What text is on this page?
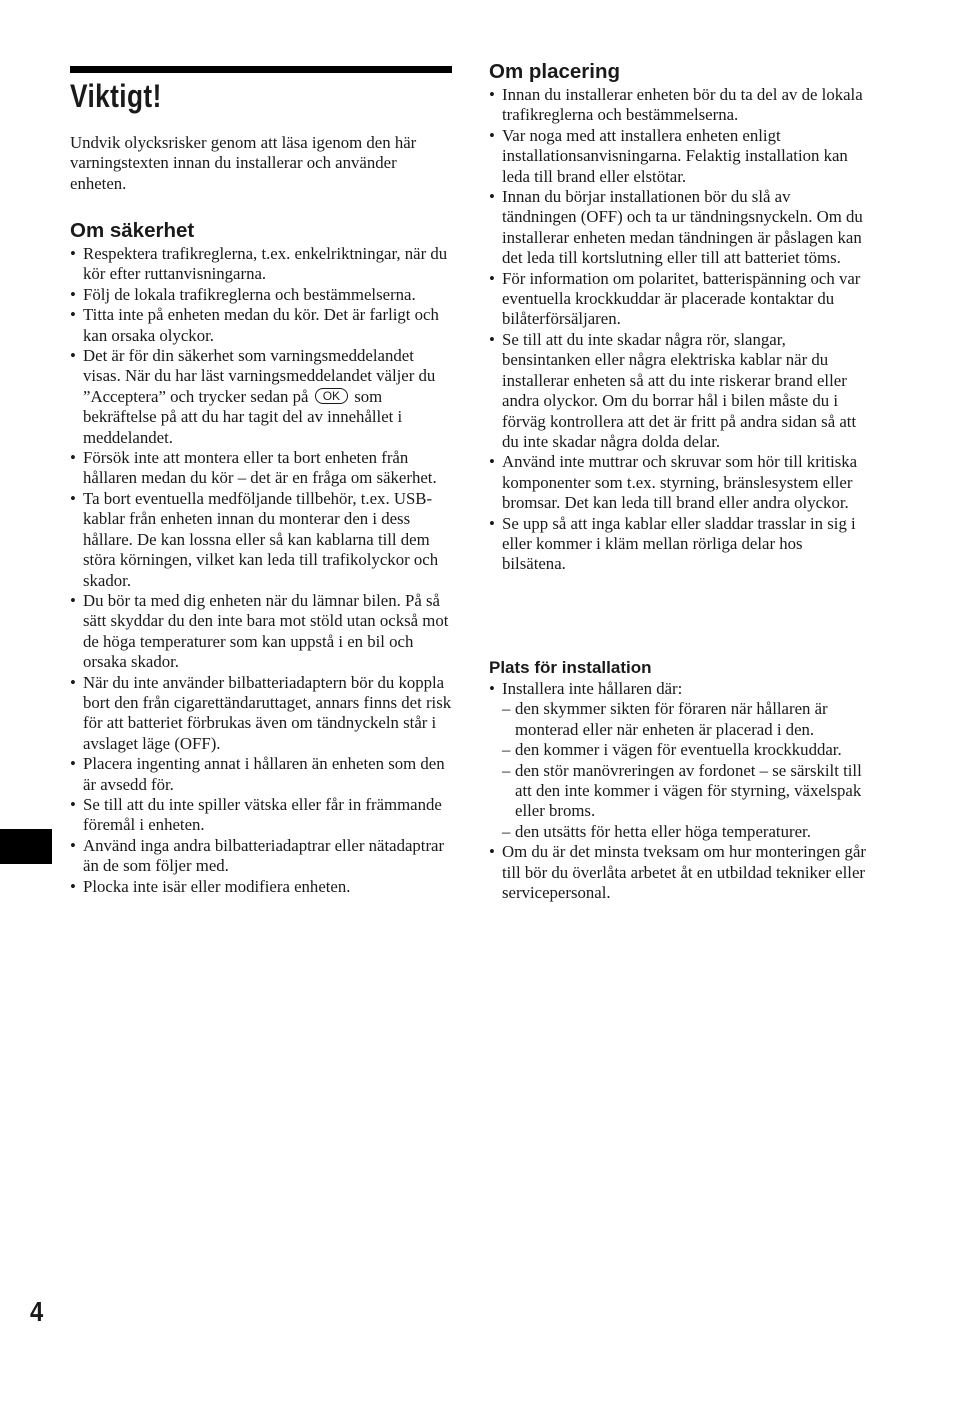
Viktigt!

Undvik olycksrisker genom att läsa igenom den här varningstexten innan du installerar och använder enheten.

Om säkerhet
• Respektera trafikreglerna, t.ex. enkelriktningar, när du kör efter ruttanvisningarna.
• Följ de lokala trafikreglerna och bestämmelserna.
• Titta inte på enheten medan du kör. Det är farligt och kan orsaka olyckor.
• Det är för din säkerhet som varningsmeddelandet visas. När du har läst varningsmeddelandet väljer du ”Acceptera” och trycker sedan på OK som bekräftelse på att du har tagit del av innehållet i meddelandet.
• Försök inte att montera eller ta bort enheten från hållaren medan du kör – det är en fråga om säkerhet.
• Ta bort eventuella medföljande tillbehör, t.ex. USB-kablar från enheten innan du monterar den i dess hållare. De kan lossna eller så kan kablarna till dem störa körningen, vilket kan leda till trafikolyckor och skador.
• Du bör ta med dig enheten när du lämnar bilen. På så sätt skyddar du den inte bara mot stöld utan också mot de höga temperaturer som kan uppstå i en bil och orsaka skador.
• När du inte använder bilbatteriadaptern bör du koppla bort den från cigarettändaruttaget, annars finns det risk för att batteriet förbrukas även om tändnyckeln står i avslaget läge (OFF).
• Placera ingenting annat i hållaren än enheten som den är avsedd för.
• Se till att du inte spiller vätska eller får in främmande föremål i enheten.
• Använd inga andra bilbatteriadaptrar eller nätadaptrar än de som följer med.
• Plocka inte isär eller modifiera enheten.
Om placering
• Innan du installerar enheten bör du ta del av de lokala trafikreglerna och bestämmelserna.
• Var noga med att installera enheten enligt installationsanvisningarna. Felaktig installation kan leda till brand eller elstötar.
• Innan du börjar installationen bör du slå av tändningen (OFF) och ta ur tändningsnyckeln. Om du installerar enheten medan tändningen är påslagen kan det leda till kortslutning eller till att batteriet töms.
• För information om polaritet, batterispänning och var eventuella krockkuddar är placerade kontaktar du bilåterförsäljaren.
• Se till att du inte skadar några rör, slangar, bensintanken eller några elektriska kablar när du installerar enheten så att du inte riskerar brand eller andra olyckor. Om du borrar hål i bilen måste du i förväg kontrollera att det är fritt på andra sidan så att du inte skadar några dolda delar.
• Använd inte muttrar och skruvar som hör till kritiska komponenter som t.ex. styrning, bränslesystem eller bromsar. Det kan leda till brand eller andra olyckor.
• Se upp så att inga kablar eller sladdar trasslar in sig i eller kommer i kläm mellan rörliga delar hos bilsätena.
Plats för installation
• Installera inte hållaren där:
– den skymmer sikten för föraren när hållaren är monterad eller när enheten är placerad i den.
– den kommer i vägen för eventuella krockkuddar.
– den stör manövreringen av fordonet – se särskilt till att den inte kommer i vägen för styrning, växelspak eller broms.
– den utsätts för hetta eller höga temperaturer.
• Om du är det minsta tveksam om hur monteringen går till bör du överlåta arbetet åt en utbildad tekniker eller servicepersonal.

4
